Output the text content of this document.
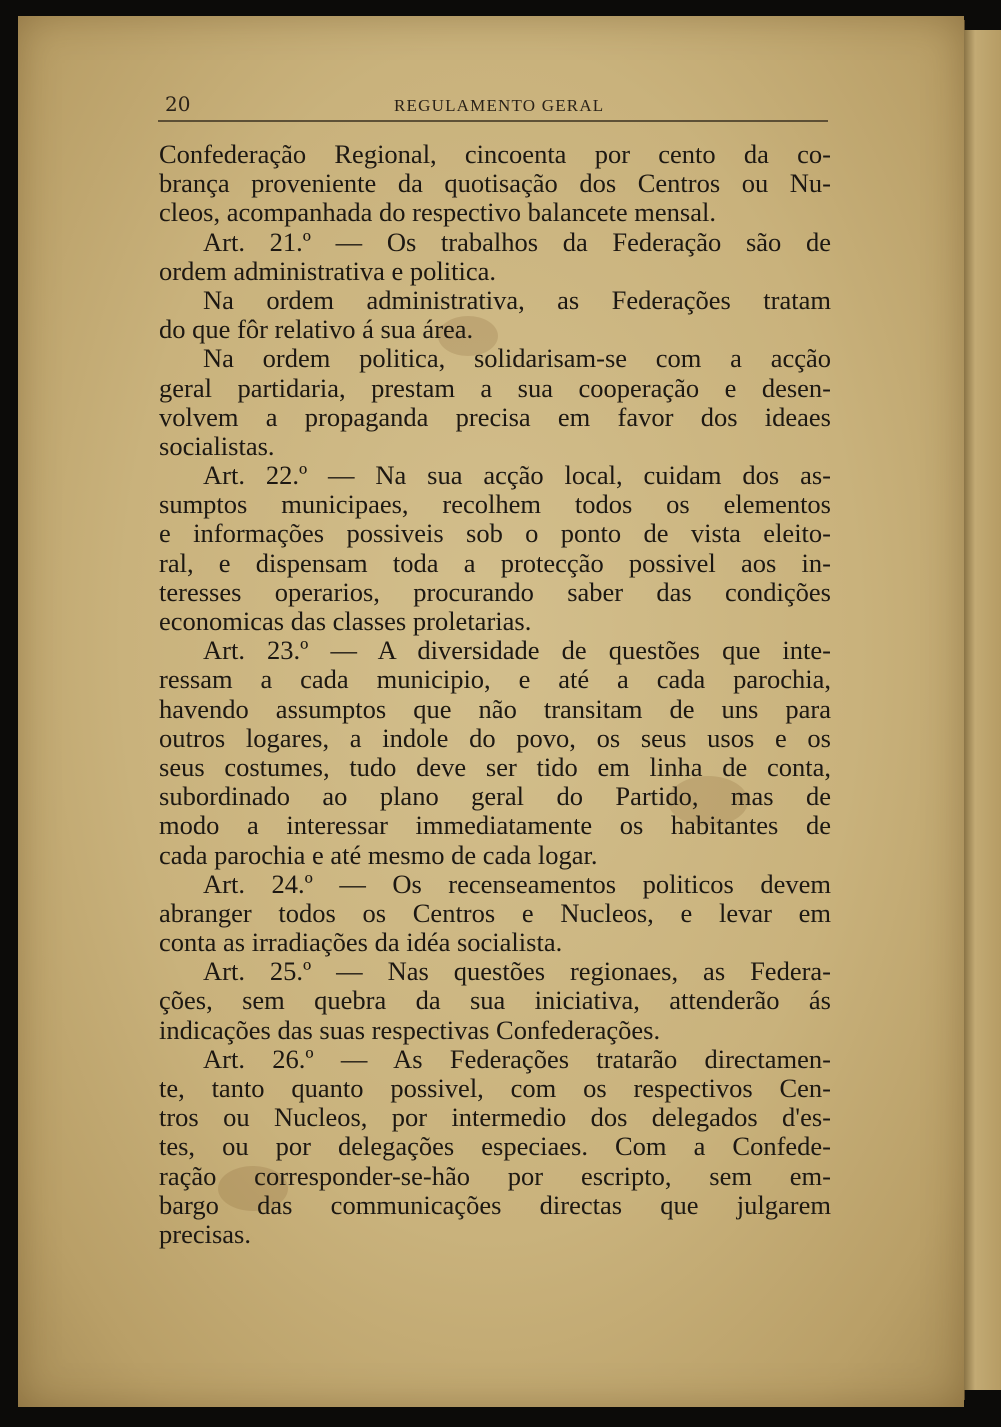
20	REGULAMENTO GERAL
Confederação Regional, cincoenta por cento da co-
brança proveniente da quotisação dos Centros ou Nu-
cleos, acompanhada do respectivo balancete mensal.
Art. 21.º — Os trabalhos da Federação são de
ordem administrativa e politica.
Na ordem administrativa, as Federações tratam
do que fôr relativo á sua área.
Na ordem politica, solidarisam-se com a acção
geral partidaria, prestam a sua cooperação e desen-
volvem a propaganda precisa em favor dos ideaes
socialistas.
Art. 22.º — Na sua acção local, cuidam dos as-
sumptos municipaes, recolhem todos os elementos
e informações possiveis sob o ponto de vista eleito-
ral, e dispensam toda a protecção possivel aos in-
teresses operarios, procurando saber das condições
economicas das classes proletarias.
Art. 23.º — A diversidade de questões que inte-
ressam a cada municipio, e até a cada parochia,
havendo assumptos que não transitam de uns para
outros logares, a indole do povo, os seus usos e os
seus costumes, tudo deve ser tido em linha de conta,
subordinado ao plano geral do Partido, mas de
modo a interessar immediatamente os habitantes de
cada parochia e até mesmo de cada logar.
Art. 24.º — Os recenseamentos politicos devem
abranger todos os Centros e Nucleos, e levar em
conta as irradiações da idéa socialista.
Art. 25.º — Nas questões regionaes, as Federa-
ções, sem quebra da sua iniciativa, attenderão ás
indicações das suas respectivas Confederações.
Art. 26.º — As Federações tratarão directamen-
te, tanto quanto possivel, com os respectivos Cen-
tros ou Nucleos, por intermedio dos delegados d'es-
tes, ou por delegações especiaes. Com a Confede-
ração corresponder-se-hão por escripto, sem em-
bargo das communicações directas que julgarem
precisas.
